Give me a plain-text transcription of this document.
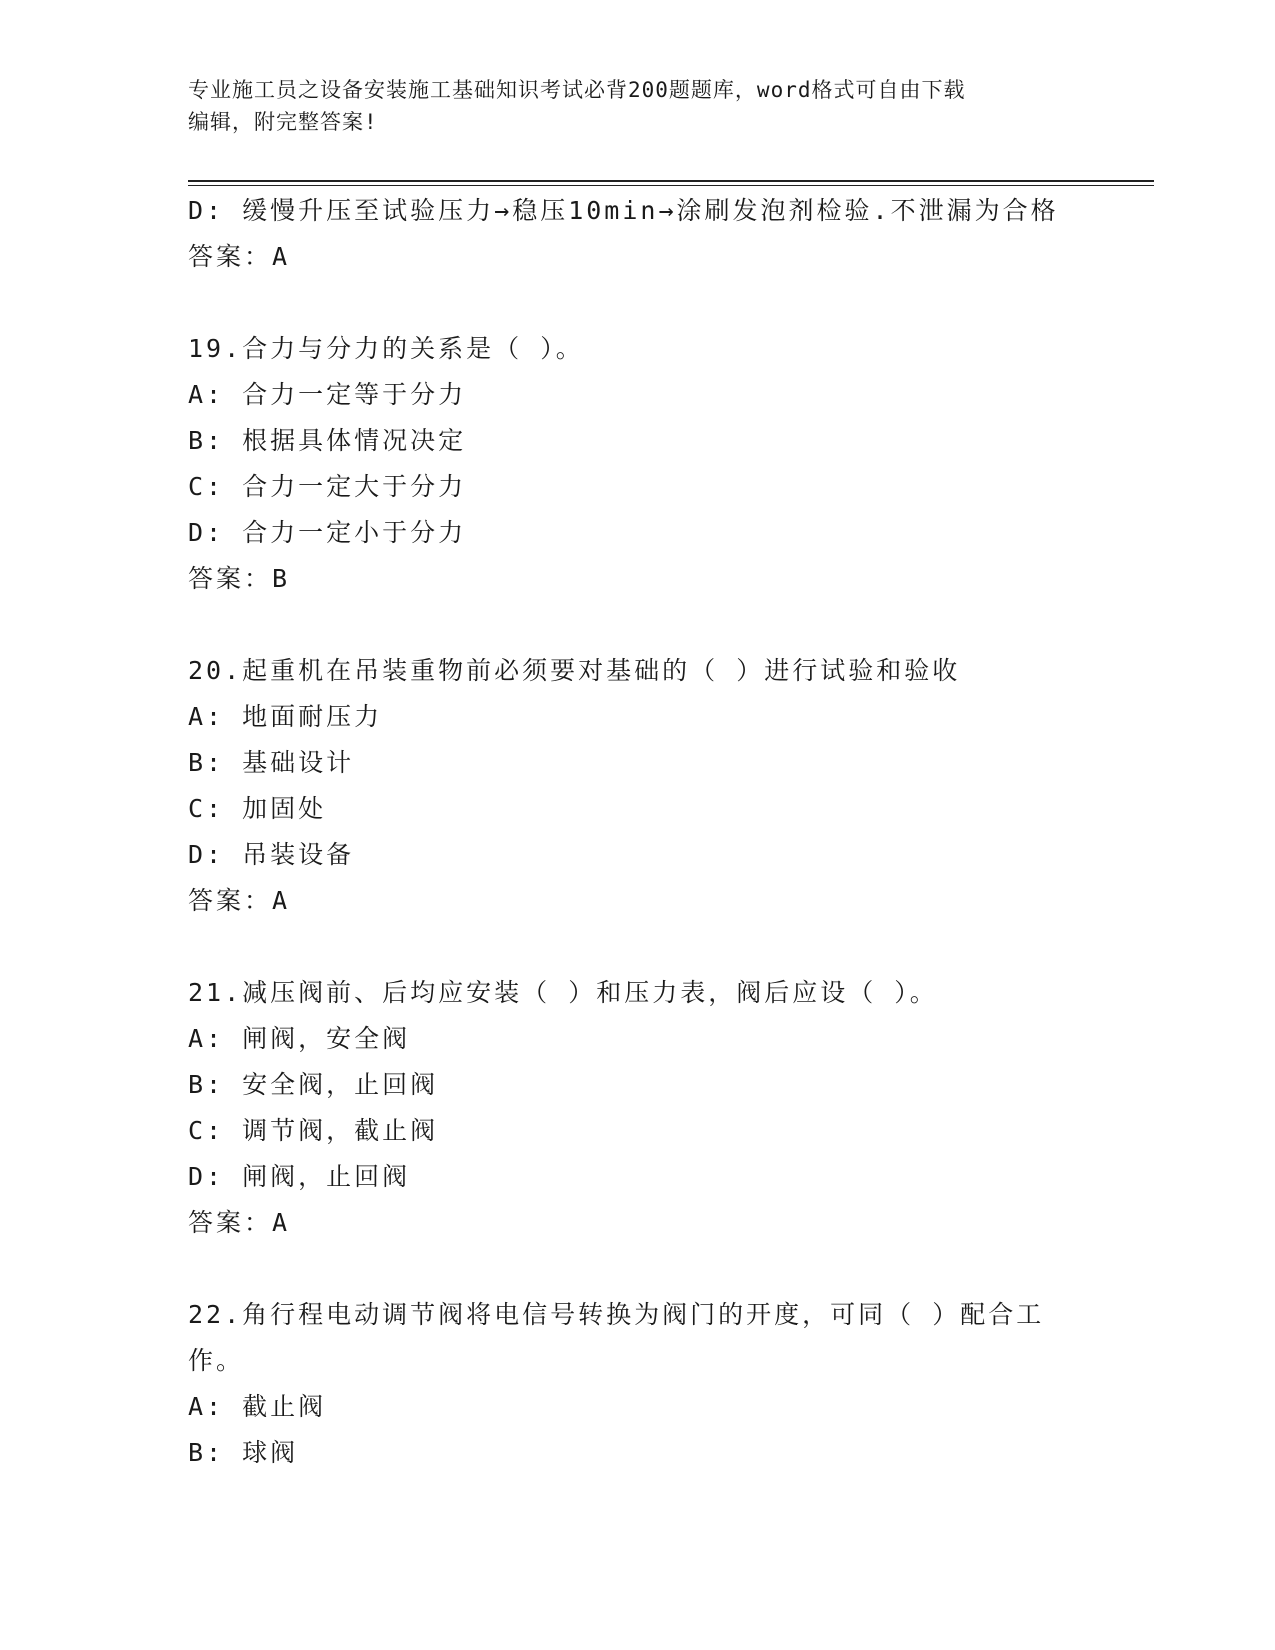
专业施工员之设备安装施工基础知识考试必背200题题库，word格式可自由下载
编辑，附完整答案!
D: 缓慢升压至试验压力→稳压10min→涂刷发泡剂检验.不泄漏为合格
答案：A
19.合力与分力的关系是（ ）。
A: 合力一定等于分力
B: 根据具体情况决定
C: 合力一定大于分力
D: 合力一定小于分力
答案：B
20.起重机在吊装重物前必须要对基础的（ ）进行试验和验收
A: 地面耐压力
B: 基础设计
C: 加固处
D: 吊装设备
答案：A
21.减压阀前、后均应安装（ ）和压力表，阀后应设（ ）。
A: 闸阀，安全阀
B: 安全阀，止回阀
C: 调节阀，截止阀
D: 闸阀，止回阀
答案：A
22.角行程电动调节阀将电信号转换为阀门的开度，可同（ ）配合工
作。
A: 截止阀
B: 球阀
